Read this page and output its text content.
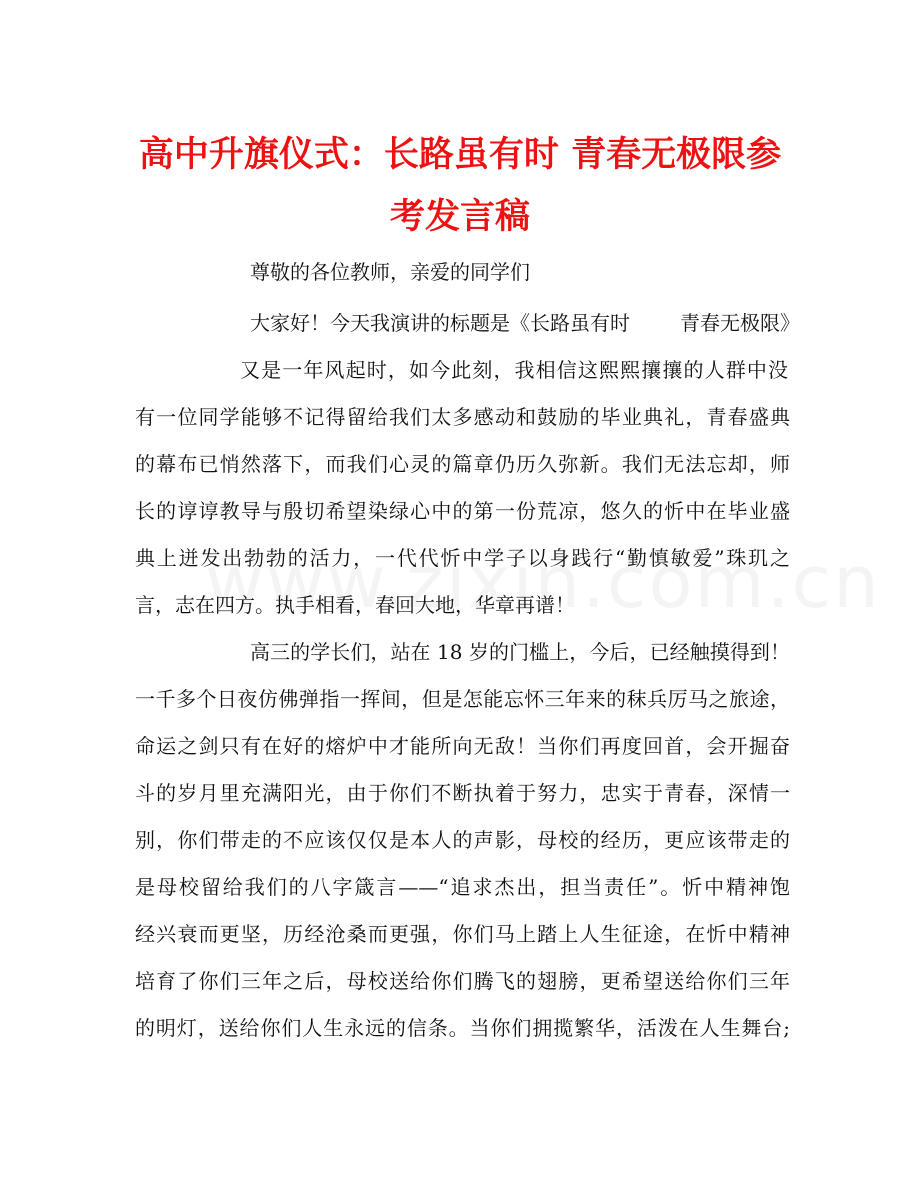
高中升旗仪式：长路虽有时 青春无极限参
考发言稿
尊敬的各位教师，亲爱的同学们
大家好！今天我演讲的标题是《长路虽有时	青春无极限》
又是一年风起时，如今此刻，我相信这熙熙攘攘的人群中没
有一位同学能够不记得留给我们太多感动和鼓励的毕业典礼，青春盛典
的幕布已悄然落下，而我们心灵的篇章仍历久弥新。我们无法忘却，师
长的谆谆教导与殷切希望染绿心中的第一份荒凉，悠久的忻中在毕业盛
典上迸发出勃勃的活力，一代代忻中学子以身践行“勤慎敏爱”珠玑之
言，志在四方。执手相看，春回大地，华章再谱！
高三的学长们，站在 18 岁的门槛上，今后，已经触摸得到！
一千多个日夜仿佛弹指一挥间，但是怎能忘怀三年来的秣兵厉马之旅途，
命运之剑只有在好的熔炉中才能所向无敌！当你们再度回首，会开掘奋
斗的岁月里充满阳光，由于你们不断执着于努力，忠实于青春，深情一
别，你们带走的不应该仅仅是本人的声影，母校的经历，更应该带走的
是母校留给我们的八字箴言——“追求杰出，担当责任”。忻中精神饱
经兴衰而更坚，历经沧桑而更强，你们马上踏上人生征途，在忻中精神
培育了你们三年之后，母校送给你们腾飞的翅膀，更希望送给你们三年
的明灯，送给你们人生永远的信条。当你们拥揽繁华，活泼在人生舞台;
